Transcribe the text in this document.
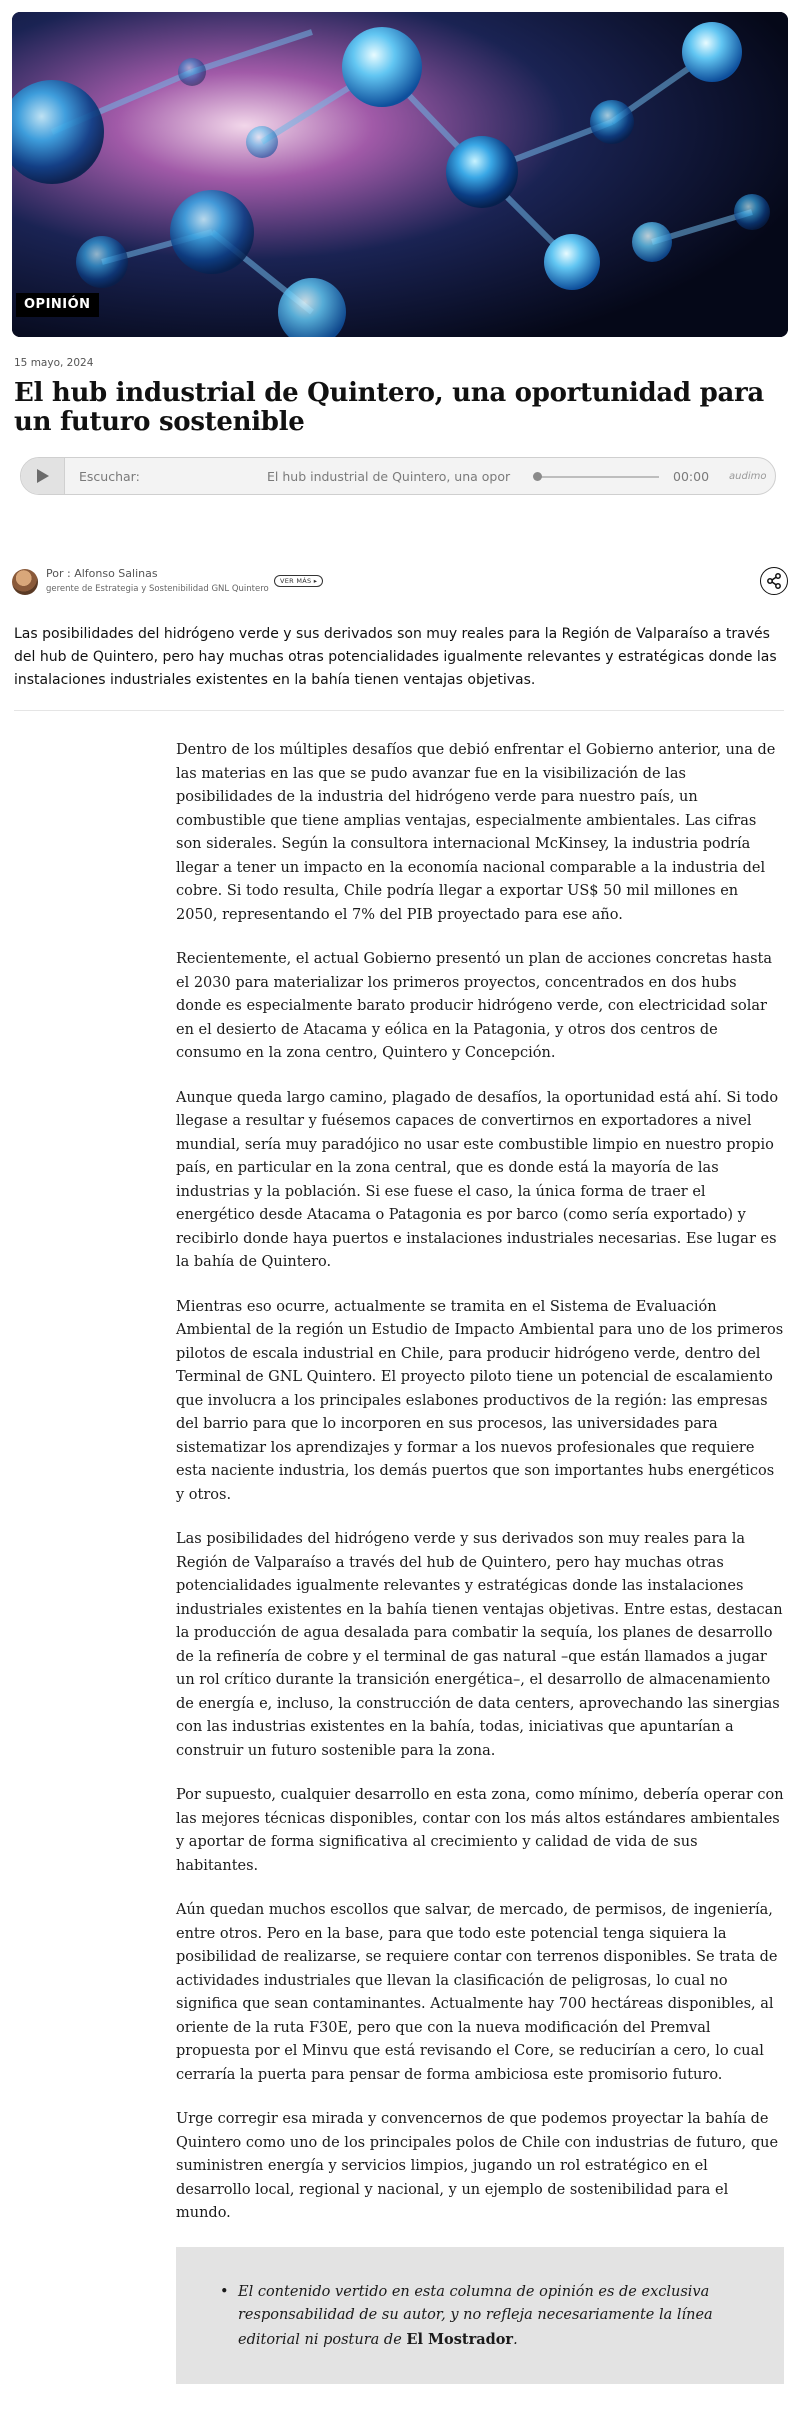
OPINIÓN
15 mayo, 2024
El hub industrial de Quintero, una oportunidad para un futuro sostenible
Escuchar:	El hub industrial de Quintero, una opor	00:00 audimo
Por : Alfonso Salinas
gerente de Estrategia y Sostenibilidad GNL Quintero
VER MÁS ▸

Las posibilidades del hidrógeno verde y sus derivados son muy reales para la Región de Valparaíso a través del hub de Quintero, pero hay muchas otras potencialidades igualmente relevantes y estratégicas donde las instalaciones industriales existentes en la bahía tienen ventajas objetivas.

Dentro de los múltiples desafíos que debió enfrentar el Gobierno anterior, una de las materias en las que se pudo avanzar fue en la visibilización de las posibilidades de la industria del hidrógeno verde para nuestro país, un combustible que tiene amplias ventajas, especialmente ambientales. Las cifras son siderales. Según la consultora internacional McKinsey, la industria podría llegar a tener un impacto en la economía nacional comparable a la industria del cobre. Si todo resulta, Chile podría llegar a exportar US$ 50 mil millones en 2050, representando el 7% del PIB proyectado para ese año.

Recientemente, el actual Gobierno presentó un plan de acciones concretas hasta el 2030 para materializar los primeros proyectos, concentrados en dos hubs donde es especialmente barato producir hidrógeno verde, con electricidad solar en el desierto de Atacama y eólica en la Patagonia, y otros dos centros de consumo en la zona centro, Quintero y Concepción.

Aunque queda largo camino, plagado de desafíos, la oportunidad está ahí. Si todo llegase a resultar y fuésemos capaces de convertirnos en exportadores a nivel mundial, sería muy paradójico no usar este combustible limpio en nuestro propio país, en particular en la zona central, que es donde está la mayoría de las industrias y la población. Si ese fuese el caso, la única forma de traer el energético desde Atacama o Patagonia es por barco (como sería exportado) y recibirlo donde haya puertos e instalaciones industriales necesarias. Ese lugar es la bahía de Quintero.

Mientras eso ocurre, actualmente se tramita en el Sistema de Evaluación Ambiental de la región un Estudio de Impacto Ambiental para uno de los primeros pilotos de escala industrial en Chile, para producir hidrógeno verde, dentro del Terminal de GNL Quintero. El proyecto piloto tiene un potencial de escalamiento que involucra a los principales eslabones productivos de la región: las empresas del barrio para que lo incorporen en sus procesos, las universidades para sistematizar los aprendizajes y formar a los nuevos profesionales que requiere esta naciente industria, los demás puertos que son importantes hubs energéticos y otros.

Las posibilidades del hidrógeno verde y sus derivados son muy reales para la Región de Valparaíso a través del hub de Quintero, pero hay muchas otras potencialidades igualmente relevantes y estratégicas donde las instalaciones industriales existentes en la bahía tienen ventajas objetivas. Entre estas, destacan la producción de agua desalada para combatir la sequía, los planes de desarrollo de la refinería de cobre y el terminal de gas natural –que están llamados a jugar un rol crítico durante la transición energética–, el desarrollo de almacenamiento de energía e, incluso, la construcción de data centers, aprovechando las sinergias con las industrias existentes en la bahía, todas, iniciativas que apuntarían a construir un futuro sostenible para la zona.

Por supuesto, cualquier desarrollo en esta zona, como mínimo, debería operar con las mejores técnicas disponibles, contar con los más altos estándares ambientales y aportar de forma significativa al crecimiento y calidad de vida de sus habitantes.

Aún quedan muchos escollos que salvar, de mercado, de permisos, de ingeniería, entre otros. Pero en la base, para que todo este potencial tenga siquiera la posibilidad de realizarse, se requiere contar con terrenos disponibles. Se trata de actividades industriales que llevan la clasificación de peligrosas, lo cual no significa que sean contaminantes. Actualmente hay 700 hectáreas disponibles, al oriente de la ruta F30E, pero que con la nueva modificación del Premval propuesta por el Minvu que está revisando el Core, se reducirían a cero, lo cual cerraría la puerta para pensar de forma ambiciosa este promisorio futuro.

Urge corregir esa mirada y convencernos de que podemos proyectar la bahía de Quintero como uno de los principales polos de Chile con industrias de futuro, que suministren energía y servicios limpios, jugando un rol estratégico en el desarrollo local, regional y nacional, y un ejemplo de sostenibilidad para el mundo.

• El contenido vertido en esta columna de opinión es de exclusiva responsabilidad de su autor, y no refleja necesariamente la línea editorial ni postura de El Mostrador.
